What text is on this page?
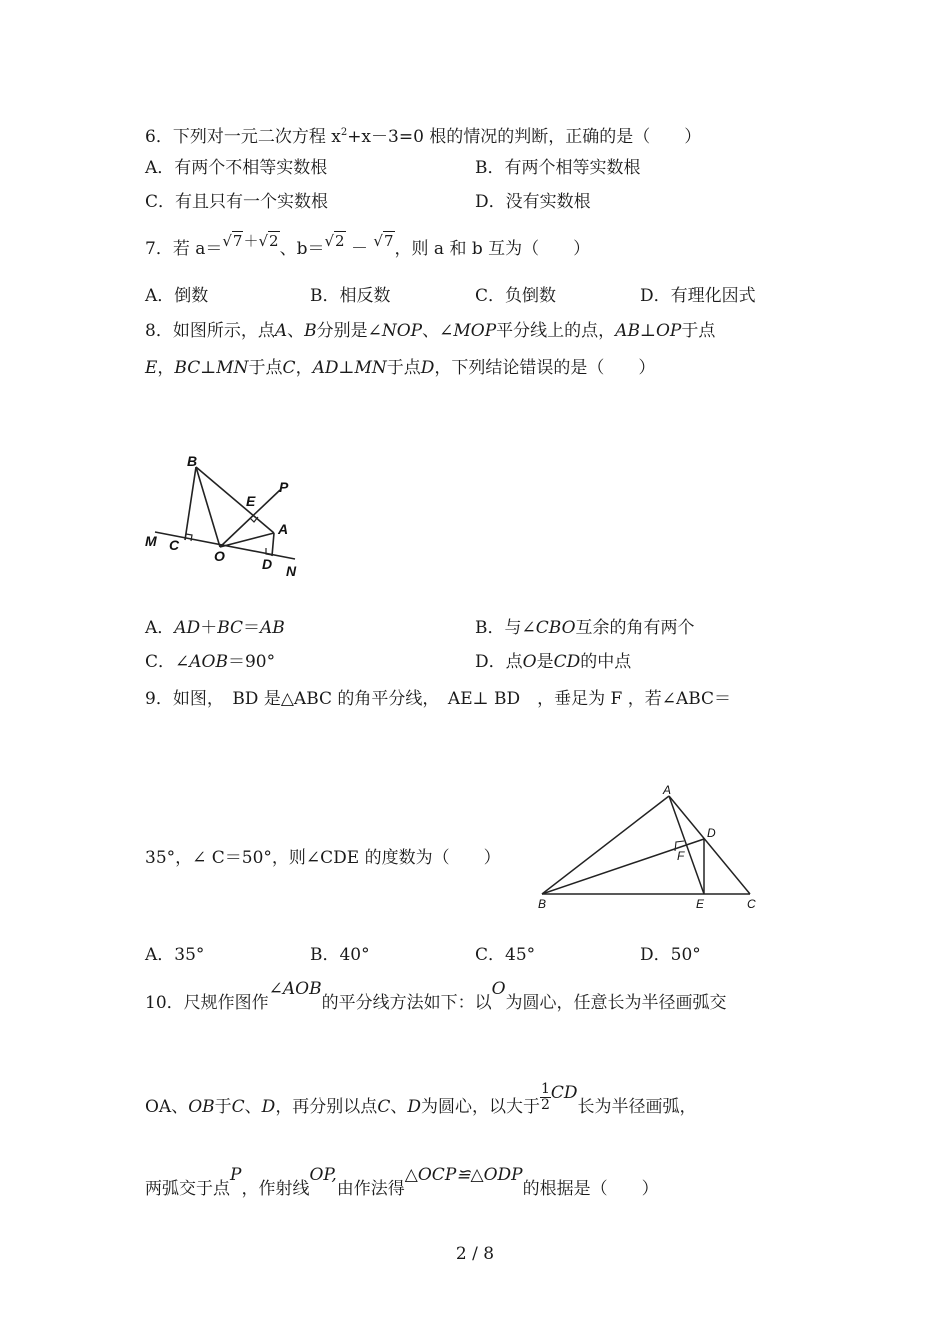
6．下列对一元二次方程 $x^2+x-3=0$ 根的情况的判断，正确的是（　　）
A．有两个不相等实数根	B．有两个相等实数根
C．有且只有一个实数根	D．没有实数根
7．若 a＝√7＋√2、b＝√2 － √7，则 a 和 b 互为（　　）
A．倒数	B．相反数	C．负倒数	D．有理化因式
8．如图所示，点A、B分别是∠NOP、∠MOP平分线上的点，AB⊥OP于点
E，BC⊥MN于点C，AD⊥MN于点D，下列结论错误的是（　　）
B
P
E
A
M C
O	D N
A．AD＋BC＝AB	B．与∠CBO互余的角有两个
C．∠AOB＝90°	D．点O是CD的中点
9．如图，　BD 是△ABC 的角平分线，　AE⊥ BD　，垂足为 F ，若∠ABC＝
35°，∠ C＝50°，则∠CDE 的度数为（　　）
A
D
F
B	E	C
A．35°	B．40°	C．45°	D．50°
10．尺规作图作∠AOB的平分线方法如下：以O为圆心，任意长为半径画弧交
OA、OB于C、D，再分别以点C、D为圆心，以大于 $\frac{1}{2}$ CD长为半径画弧，
两弧交于点P，作射线OP,由作法得△OCP≌△ODP的根据是（　　）
2 / 8
